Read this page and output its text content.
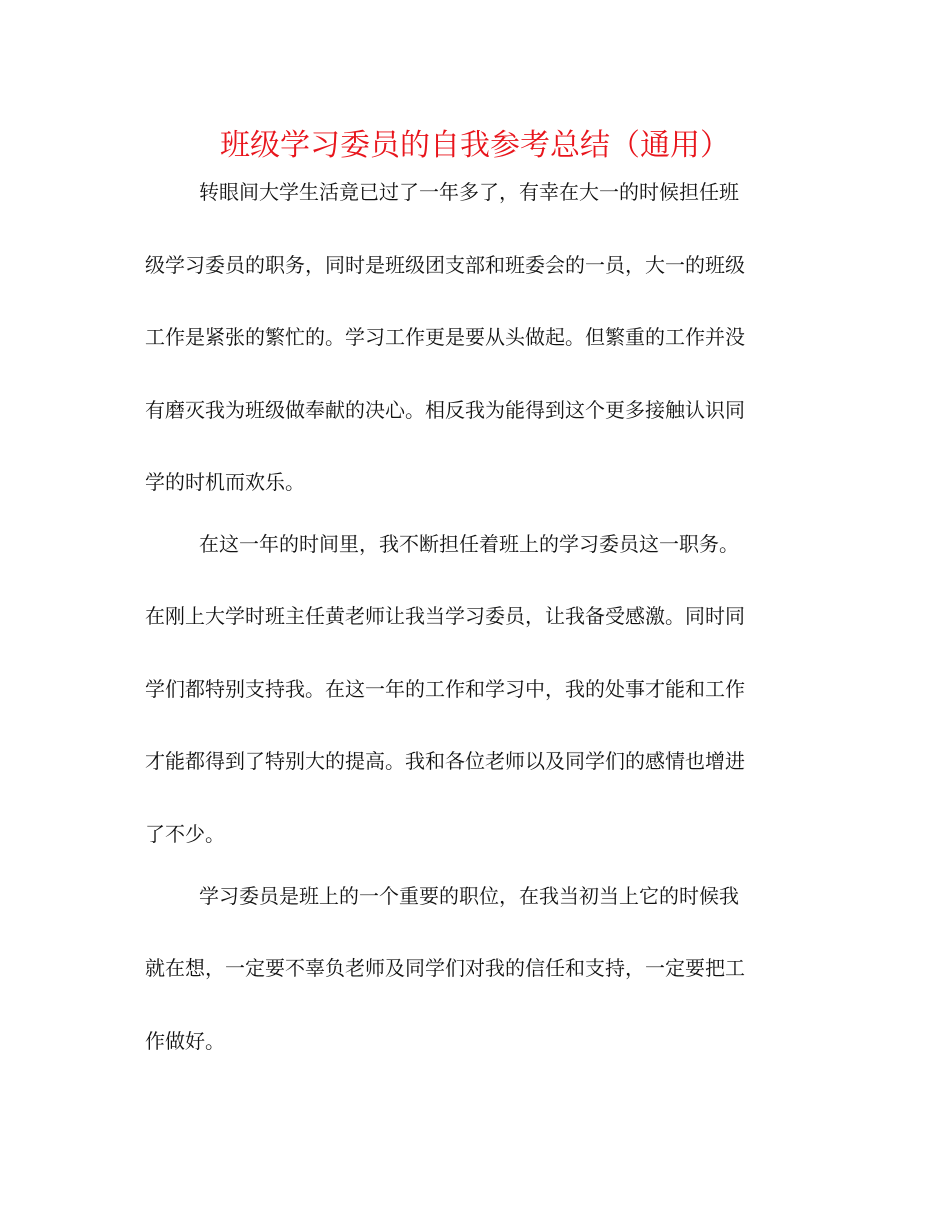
班级学习委员的自我参考总结（通用）
转眼间大学生活竟已过了一年多了，有幸在大一的时候担任班
级学习委员的职务，同时是班级团支部和班委会的一员，大一的班级
工作是紧张的繁忙的。学习工作更是要从头做起。但繁重的工作并没
有磨灭我为班级做奉献的决心。相反我为能得到这个更多接触认识同
学的时机而欢乐。
在这一年的时间里，我不断担任着班上的学习委员这一职务。
在刚上大学时班主任黄老师让我当学习委员，让我备受感激。同时同
学们都特别支持我。在这一年的工作和学习中，我的处事才能和工作
才能都得到了特别大的提高。我和各位老师以及同学们的感情也增进
了不少。
学习委员是班上的一个重要的职位，在我当初当上它的时候我
就在想，一定要不辜负老师及同学们对我的信任和支持，一定要把工
作做好。
